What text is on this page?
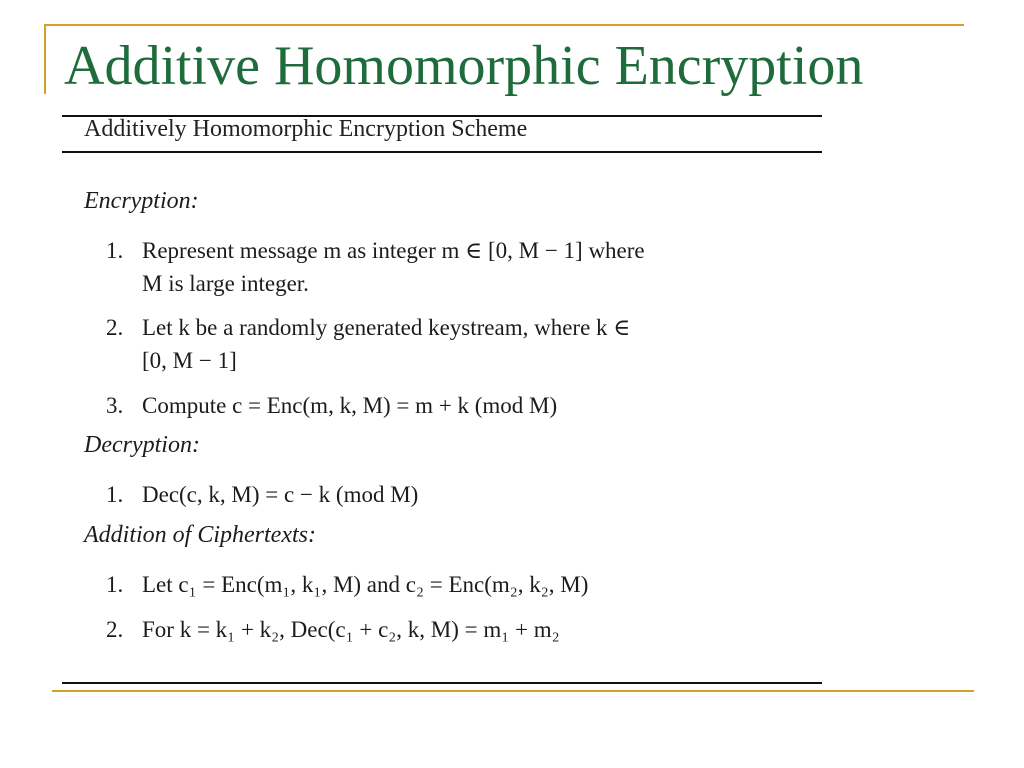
Additive Homomorphic Encryption
Additively Homomorphic Encryption Scheme
Encryption:
1. Represent message m as integer m ∈ [0, M − 1] where
M is large integer.
2. Let k be a randomly generated keystream, where k ∈
[0, M − 1]
3. Compute c = Enc(m, k, M) = m + k (mod M)
Decryption:
1. Dec(c, k, M) = c − k (mod M)
Addition of Ciphertexts:
1. Let c₁ = Enc(m₁, k₁, M) and c₂ = Enc(m₂, k₂, M)
2. For k = k₁ + k₂, Dec(c₁ + c₂, k, M) = m₁ + m₂
